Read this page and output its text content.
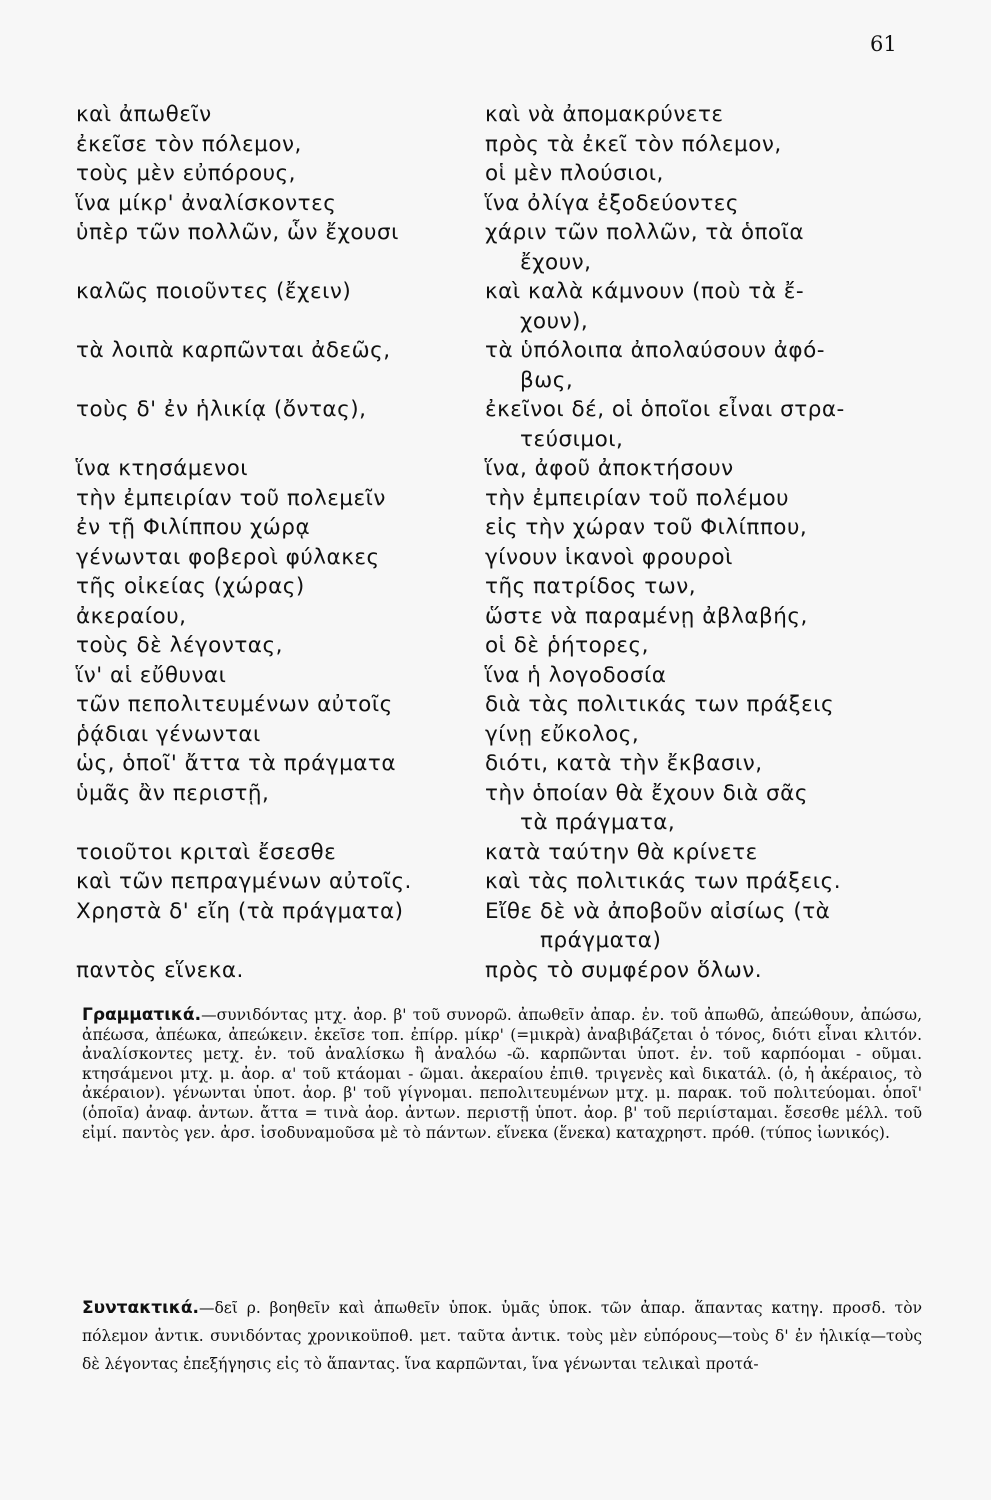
61
καὶ ἀπωθεῖν
ἐκεῖσε τὸν πόλεμον,
τοὺς μὲν εὐπόρους,
ἵνα μίκρ' ἀναλίσκοντες
ὑπὲρ τῶν πολλῶν, ὧν ἔχουσι
καλῶς ποιοῦντες (ἔχειν)
τὰ λοιπὰ καρπῶνται ἀδεῶς,
τοὺς δ' ἐν ἡλικίᾳ (ὄντας),
ἵνα κτησάμενοι
τὴν ἐμπειρίαν τοῦ πολεμεῖν
ἐν τῇ Φιλίππου χώρᾳ
γένωνται φοβεροὶ φύλακες
τῆς οἰκείας (χώρας)
ἀκεραίου,
τοὺς δὲ λέγοντας,
ἵν' αἱ εὔθυναι
τῶν πεπολιτευμένων αὐτοῖς
ῥᾴδιαι γένωνται
ὡς, ὁποῖ' ἄττα τὰ πράγματα
ὑμᾶς ἂν περιστῇ,
τοιοῦτοι κριταὶ ἔσεσθε
καὶ τῶν πεπραγμένων αὐτοῖς.
Χρηστὰ δ' εἴη (τὰ πράγματα)
παντὸς εἵνεκα.
καὶ νὰ ἀπομακρύνετε
πρὸς τὰ ἐκεῖ τὸν πόλεμον,
οἱ μὲν πλούσιοι,
ἵνα ὀλίγα ἐξοδεύοντες
χάριν τῶν πολλῶν, τὰ ὁποῖα
ἔχουν,
καὶ καλὰ κάμνουν (ποὺ τὰ ἔ-
χουν),
τὰ ὑπόλοιπα ἀπολαύσουν ἀφό-
βως,
ἐκεῖνοι δέ, οἱ ὁποῖοι εἶναι στρα-
τεύσιμοι,
ἵνα, ἀφοῦ ἀποκτήσουν
τὴν ἐμπειρίαν τοῦ πολέμου
εἰς τὴν χώραν τοῦ Φιλίππου,
γίνουν ἱκανοὶ φρουροὶ
τῆς πατρίδος των,
ὥστε νὰ παραμένῃ ἀβλαβής,
οἱ δὲ ῥήτορες,
ἵνα ἡ λογοδοσία
διὰ τὰς πολιτικάς των πράξεις
γίνῃ εὔκολος,
διότι, κατὰ τὴν ἔκβασιν,
τὴν ὁποίαν θὰ ἔχουν διὰ σᾶς
τὰ πράγματα,
κατὰ ταύτην θὰ κρίνετε
καὶ τὰς πολιτικάς των πράξεις.
Εἴθε δὲ νὰ ἀποβοῦν αἰσίως (τὰ
πράγματα)
πρὸς τὸ συμφέρον ὅλων.

Γραμματικά.—συνιδόντας μτχ. ἀορ. β' τοῦ συνορῶ. ἀπωθεῖν ἀπαρ. ἐν. τοῦ ἀπωθῶ, ἀπεώθουν, ἀπώσω, ἀπέωσα, ἀπέωκα, ἀπεώκειν. ἐκεῖσε τοπ. ἐπίρρ. μίκρ' (=μικρὰ) ἀναβιβάζεται ὁ τόνος, διότι εἶναι κλιτόν. ἀναλίσκοντες μετχ. ἐν. τοῦ ἀναλίσκω ἢ ἀναλόω -ῶ. καρπῶνται ὑποτ. ἐν. τοῦ καρπόομαι - οῦμαι. κτησάμενοι μτχ. μ. ἀορ. α' τοῦ κτάομαι - ῶμαι. ἀκεραίου ἐπιθ. τριγενὲς καὶ δικατάλ. (ὁ, ἡ ἀκέραιος, τὸ ἀκέραιον). γένωνται ὑποτ. ἀορ. β' τοῦ γίγνομαι. πεπολιτευμένων μτχ. μ. παρακ. τοῦ πολιτεύομαι. ὁποῖ' (ὁποῖα) ἀναφ. ἀντων. ἄττα = τινὰ ἀορ. ἀντων. περιστῇ ὑποτ. ἀορ. β' τοῦ περιίσταμαι. ἔσεσθε μέλλ. τοῦ εἰμί. παντὸς γεν. ἀρσ. ἰσοδυναμοῦσα μὲ τὸ πάντων. εἵνεκα (ἕνεκα) καταχρηστ. πρόθ. (τύπος ἰωνικός).

Συντακτικά.—δεῖ ρ. βοηθεῖν καὶ ἀπωθεῖν ὑποκ. ὑμᾶς ὑποκ. τῶν ἀπαρ. ἅπαντας κατηγ. προσδ. τὸν πόλεμον ἀντικ. συνιδόντας χρονικοϋποθ. μετ. ταῦτα ἀντικ. τοὺς μὲν εὐπόρους—τοὺς δ' ἐν ἡλικίᾳ—τοὺς δὲ λέγοντας ἐπεξήγησις εἰς τὸ ἅπαντας. ἵνα καρπῶνται, ἵνα γένωνται τελικαὶ προτά-
